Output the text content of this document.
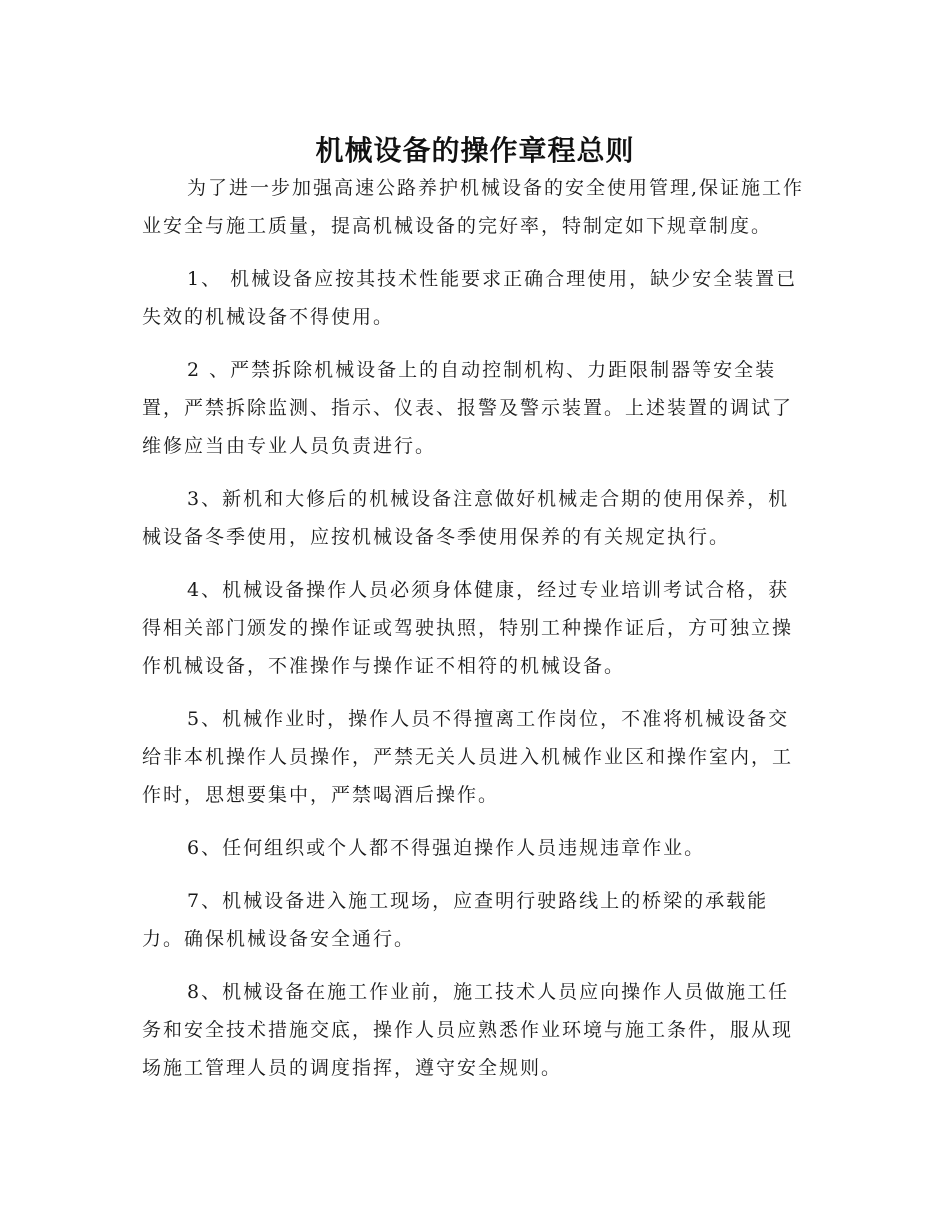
机械设备的操作章程总则

为了进一步加强高速公路养护机械设备的安全使用管理,保证施工作业安全与施工质量，提高机械设备的完好率，特制定如下规章制度。

1、 机械设备应按其技术性能要求正确合理使用，缺少安全装置已失效的机械设备不得使用。

2 、严禁拆除机械设备上的自动控制机构、力距限制器等安全装置，严禁拆除监测、指示、仪表、报警及警示装置。上述装置的调试了维修应当由专业人员负责进行。

3、新机和大修后的机械设备注意做好机械走合期的使用保养，机械设备冬季使用，应按机械设备冬季使用保养的有关规定执行。

4、机械设备操作人员必须身体健康，经过专业培训考试合格，获得相关部门颁发的操作证或驾驶执照，特别工种操作证后，方可独立操作机械设备，不准操作与操作证不相符的机械设备。

5、机械作业时，操作人员不得擅离工作岗位，不准将机械设备交给非本机操作人员操作，严禁无关人员进入机械作业区和操作室内，工作时，思想要集中，严禁喝酒后操作。

6、任何组织或个人都不得强迫操作人员违规违章作业。

7、机械设备进入施工现场，应查明行驶路线上的桥梁的承载能力。确保机械设备安全通行。

8、机械设备在施工作业前，施工技术人员应向操作人员做施工任务和安全技术措施交底，操作人员应熟悉作业环境与施工条件，服从现场施工管理人员的调度指挥，遵守安全规则。
